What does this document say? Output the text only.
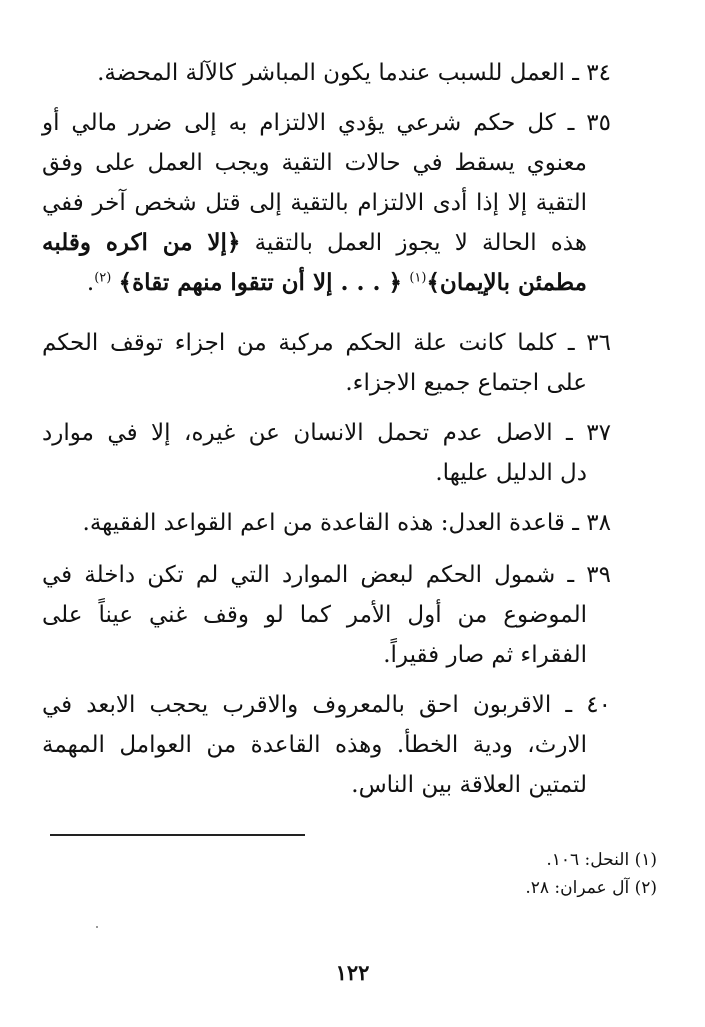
٣٤ ـ العمل للسبب عندما يكون المباشر كالآلة المحضة.
٣٥ ـ كل حكم شرعي يؤدي الالتزام به إلى ضرر مالي أو
معنوي يسقط في حالات التقية ويجب العمل على وفق
التقية إلا إذا أدى الالتزام بالتقية إلى قتل شخص آخر ففي
هذه الحالة لا يجوز العمل بالتقية ﴿إلا من اكره وقلبه
مطمئن بالإيمان﴾$^{(١)}$ ﴿ . . . إلا أن تتقوا منهم تقاة﴾ $^{(٢)}$.
٣٦ ـ كلما كانت علة الحكم مركبة من اجزاء توقف الحكم
على اجتماع جميع الاجزاء.
٣٧ ـ الاصل عدم تحمل الانسان عن غيره، إلا في موارد
دل الدليل عليها.
٣٨ ـ قاعدة العدل: هذه القاعدة من اعم القواعد الفقيهة.
٣٩ ـ شمول الحكم لبعض الموارد التي لم تكن داخلة في
الموضوع من أول الأمر كما لو وقف غني عيناً على
الفقراء ثم صار فقيراً.
٤٠ ـ الاقربون احق بالمعروف والاقرب يحجب الابعد في
الارث، ودية الخطأ. وهذه القاعدة من العوامل المهمة
لتمتين العلاقة بين الناس.
(١) النحل: ١٠٦.
(٢) آل عمران: ٢٨.
١٢٢
